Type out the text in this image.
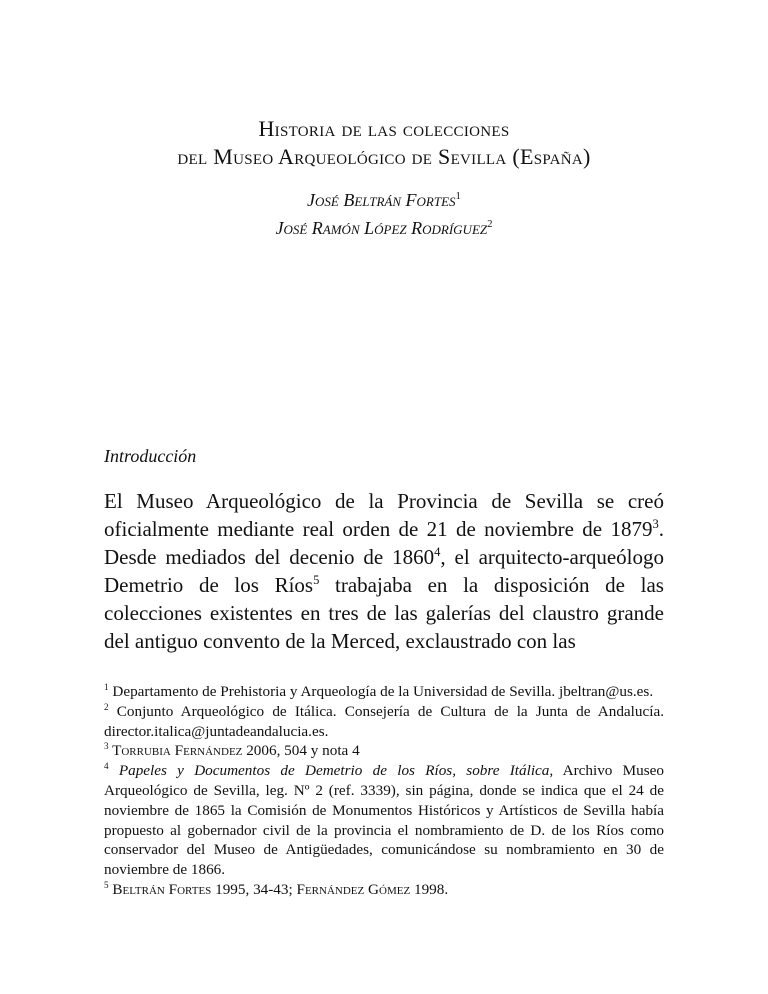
Historia de las colecciones
del Museo Arqueológico de Sevilla (España)
José Beltrán Fortes$^1$
José Ramón López Rodríguez$^2$
Introducción

El Museo Arqueológico de la Provincia de Sevilla se creó oficialmente mediante real orden de 21 de noviembre de 1879$^3$. Desde mediados del decenio de 1860$^4$, el arquitecto-arqueólogo Demetrio de los Ríos$^5$ trabajaba en la disposición de las colecciones existentes en tres de las galerías del claustro grande del antiguo convento de la Merced, exclaustrado con las

$^1$ Departamento de Prehistoria y Arqueología de la Universidad de Sevilla. jbeltran@us.es.

$^2$ Conjunto Arqueológico de Itálica. Consejería de Cultura de la Junta de Andalucía. director.italica@juntadeandalucia.es.

$^3$ Torrubia Fernández 2006, 504 y nota 4

$^4$ Papeles y Documentos de Demetrio de los Ríos, sobre Itálica, Archivo Museo Arqueológico de Sevilla, leg. Nº 2 (ref. 3339), sin página, donde se indica que el 24 de noviembre de 1865 la Comisión de Monumentos Históricos y Artísticos de Sevilla había propuesto al gobernador civil de la provincia el nombramiento de D. de los Ríos como conservador del Museo de Antigüedades, comunicándose su nombramiento en 30 de noviembre de 1866.

$^5$ Beltrán Fortes 1995, 34-43; Fernández Gómez 1998.
